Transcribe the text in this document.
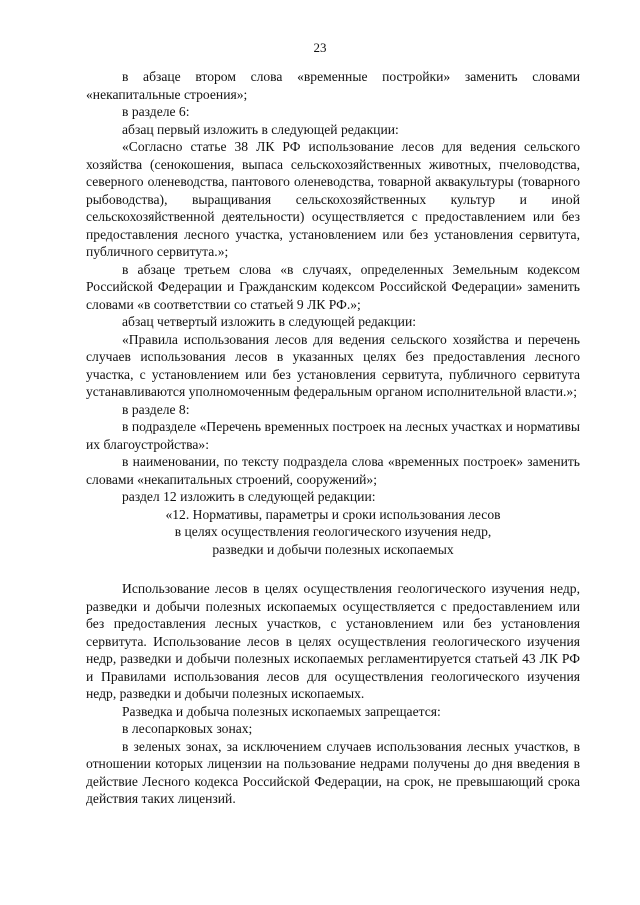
23

в абзаце втором слова «временные постройки» заменить словами «некапитальные строения»;

в разделе 6:

абзац первый изложить в следующей редакции:

«Согласно статье 38 ЛК РФ использование лесов для ведения сельского хозяйства (сенокошения, выпаса сельскохозяйственных животных, пчеловодства, северного оленеводства, пантового оленеводства, товарной аквакультуры (товарного рыбоводства), выращивания сельскохозяйственных культур и иной сельскохозяйственной деятельности) осуществляется с предоставлением или без предоставления лесного участка, установлением или без установления сервитута, публичного сервитута.»;

в абзаце третьем слова «в случаях, определенных Земельным кодексом Российской Федерации и Гражданским кодексом Российской Федерации» заменить словами «в соответствии со статьей 9 ЛК РФ.»;

абзац четвертый изложить в следующей редакции:

«Правила использования лесов для ведения сельского хозяйства и перечень случаев использования лесов в указанных целях без предоставления лесного участка, с установлением или без установления сервитута, публичного сервитута устанавливаются уполномоченным федеральным органом исполнительной власти.»;

в разделе 8:

в подразделе «Перечень временных построек на лесных участках и нормативы их благоустройства»:

в наименовании, по тексту подраздела слова «временных построек» заменить словами «некапитальных строений, сооружений»;

раздел 12 изложить в следующей редакции:

«12. Нормативы, параметры и сроки использования лесов

в целях осуществления геологического изучения недр,

разведки и добычи полезных ископаемых

Использование лесов в целях осуществления геологического изучения недр, разведки и добычи полезных ископаемых осуществляется с предоставлением или без предоставления лесных участков, с установлением или без установления сервитута. Использование лесов в целях осуществления геологического изучения недр, разведки и добычи полезных ископаемых регламентируется статьей 43 ЛК РФ и Правилами использования лесов для осуществления геологического изучения недр, разведки и добычи полезных ископаемых.

Разведка и добыча полезных ископаемых запрещается:

в лесопарковых зонах;

в зеленых зонах, за исключением случаев использования лесных участков, в отношении которых лицензии на пользование недрами получены до дня введения в действие Лесного кодекса Российской Федерации, на срок, не превышающий срока действия таких лицензий.
